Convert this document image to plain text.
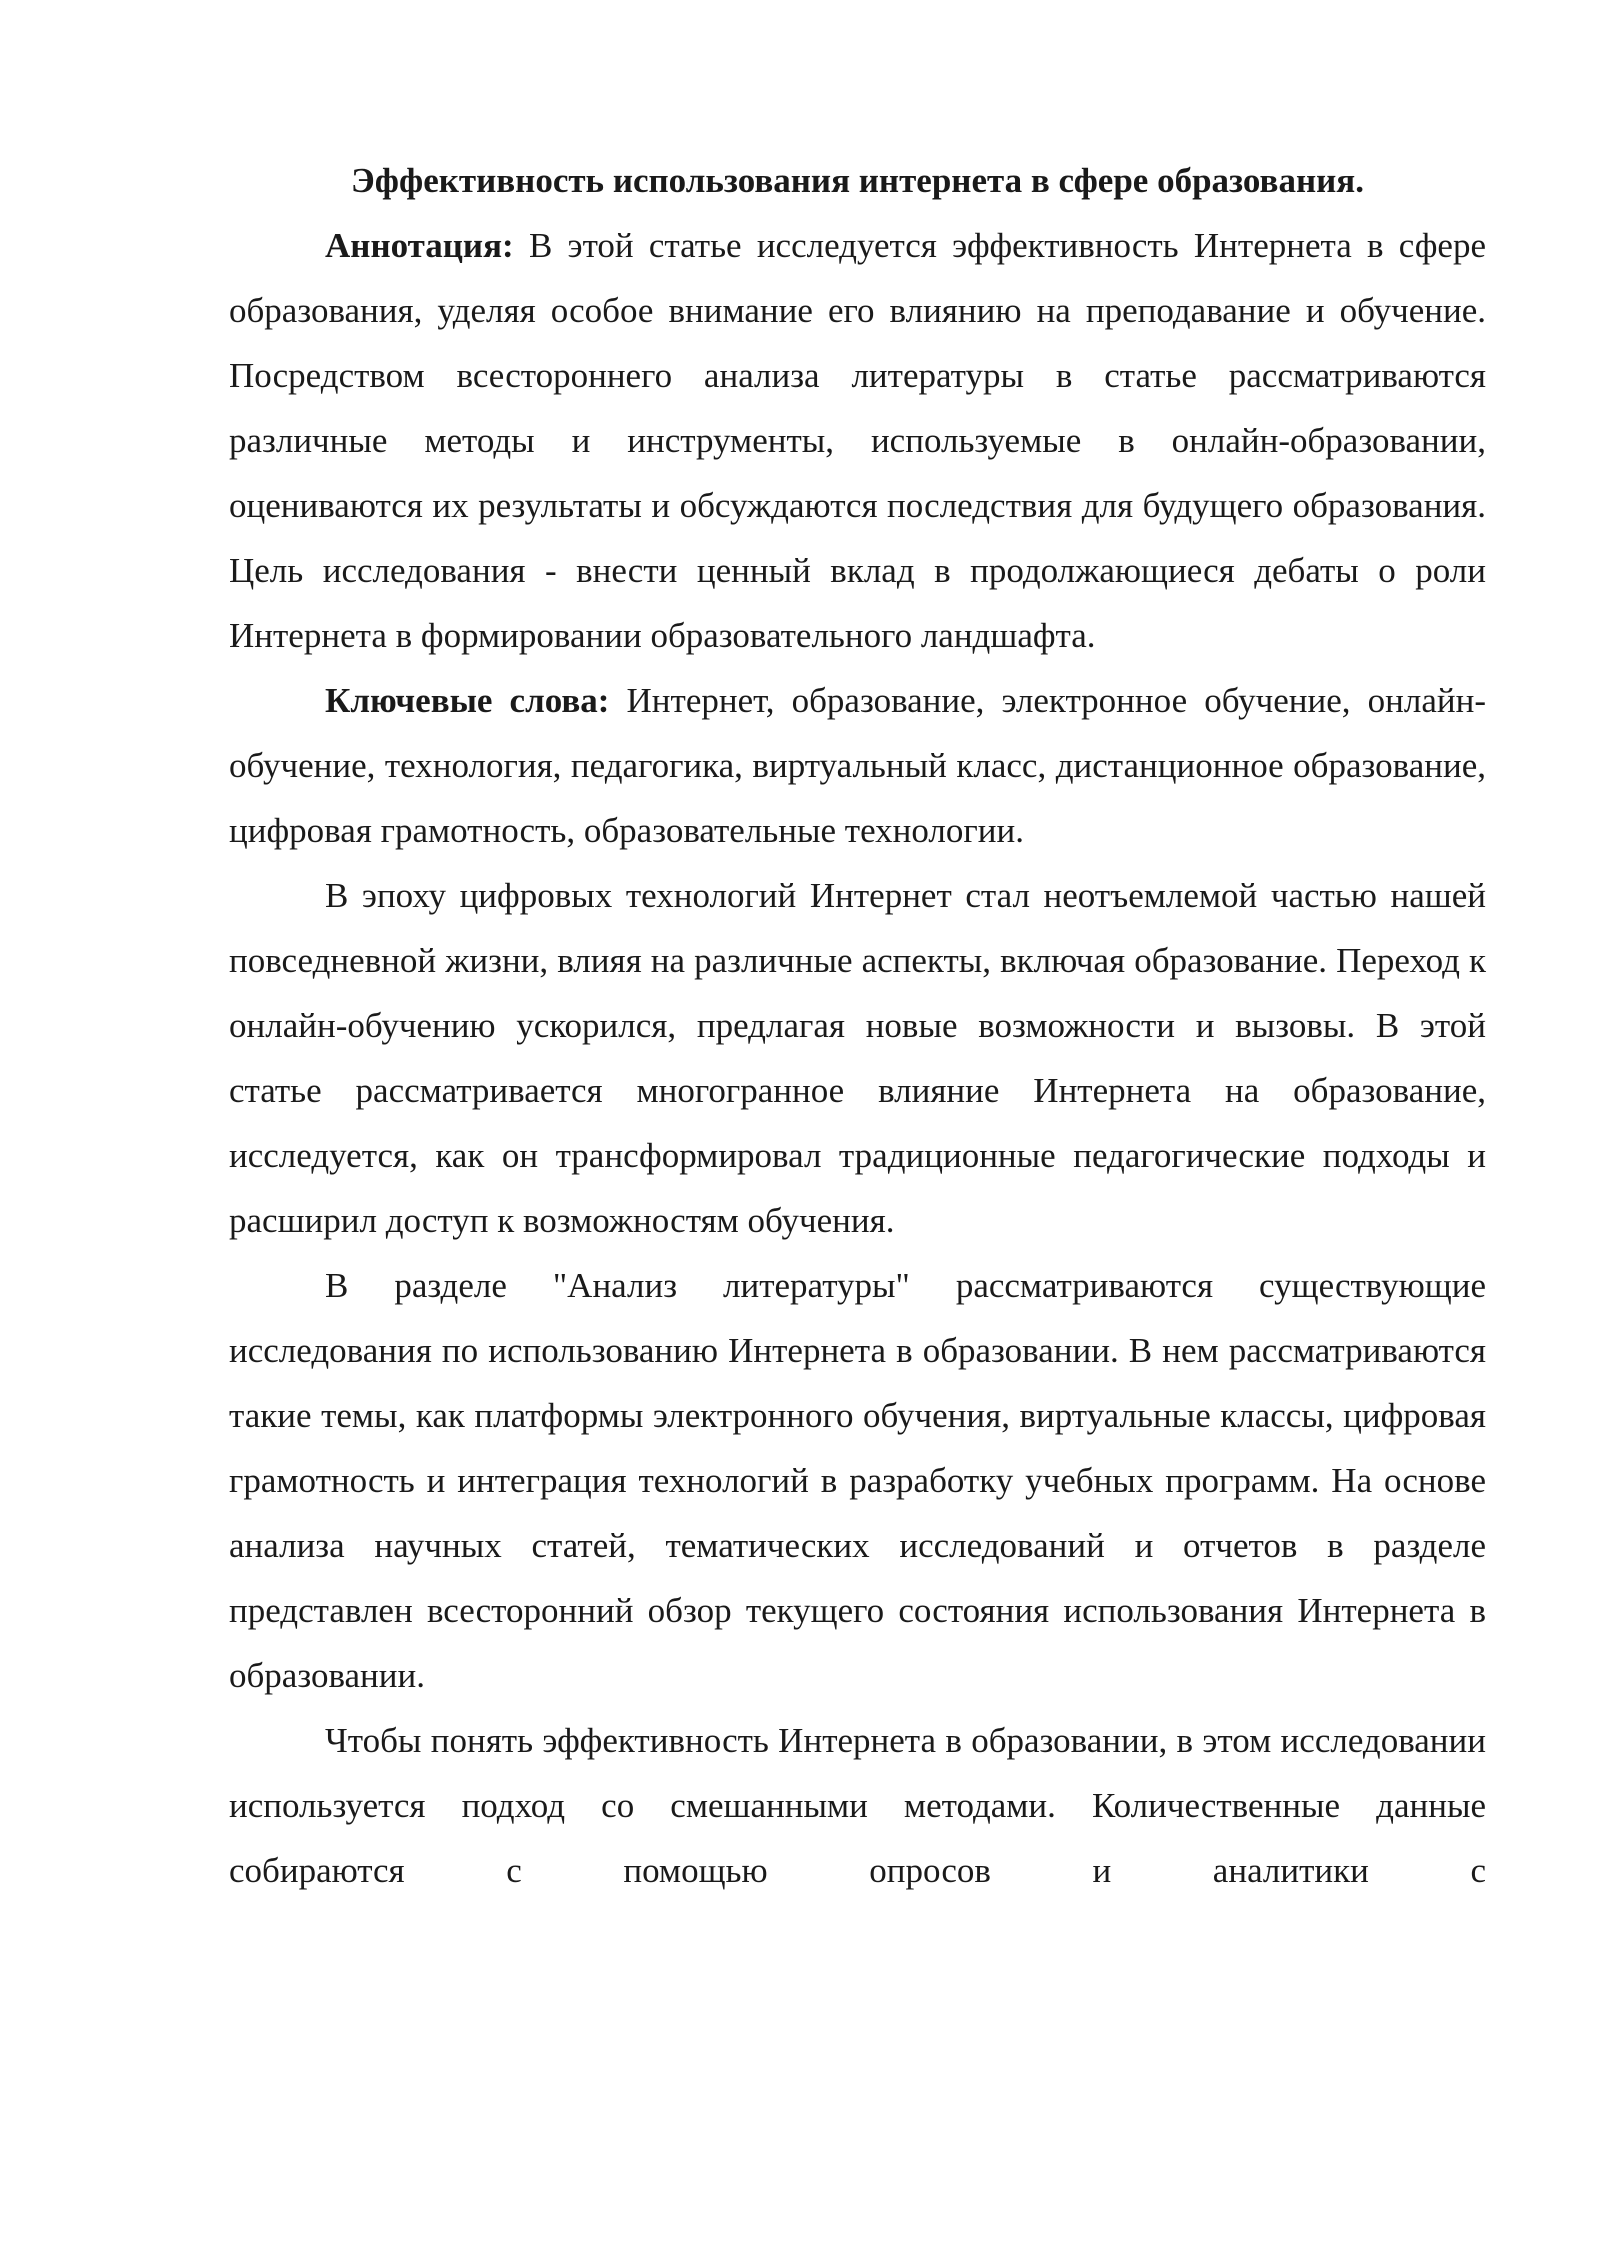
Эффективность использования интернета в сфере образования.

Аннотация: В этой статье исследуется эффективность Интернета в сфере образования, уделяя особое внимание его влиянию на преподавание и обучение. Посредством всестороннего анализа литературы в статье рассматриваются различные методы и инструменты, используемые в онлайн-образовании, оцениваются их результаты и обсуждаются последствия для будущего образования. Цель исследования - внести ценный вклад в продолжающиеся дебаты о роли Интернета в формировании образовательного ландшафта.

Ключевые слова: Интернет, образование, электронное обучение, онлайн-обучение, технология, педагогика, виртуальный класс, дистанционное образование, цифровая грамотность, образовательные технологии.

В эпоху цифровых технологий Интернет стал неотъемлемой частью нашей повседневной жизни, влияя на различные аспекты, включая образование. Переход к онлайн-обучению ускорился, предлагая новые возможности и вызовы. В этой статье рассматривается многогранное влияние Интернета на образование, исследуется, как он трансформировал традиционные педагогические подходы и расширил доступ к возможностям обучения.

В разделе "Анализ литературы" рассматриваются существующие исследования по использованию Интернета в образовании. В нем рассматриваются такие темы, как платформы электронного обучения, виртуальные классы, цифровая грамотность и интеграция технологий в разработку учебных программ. На основе анализа научных статей, тематических исследований и отчетов в разделе представлен всесторонний обзор текущего состояния использования Интернета в образовании.

Чтобы понять эффективность Интернета в образовании, в этом исследовании используется подход со смешанными методами. Количественные данные собираются с помощью опросов и аналитики с
